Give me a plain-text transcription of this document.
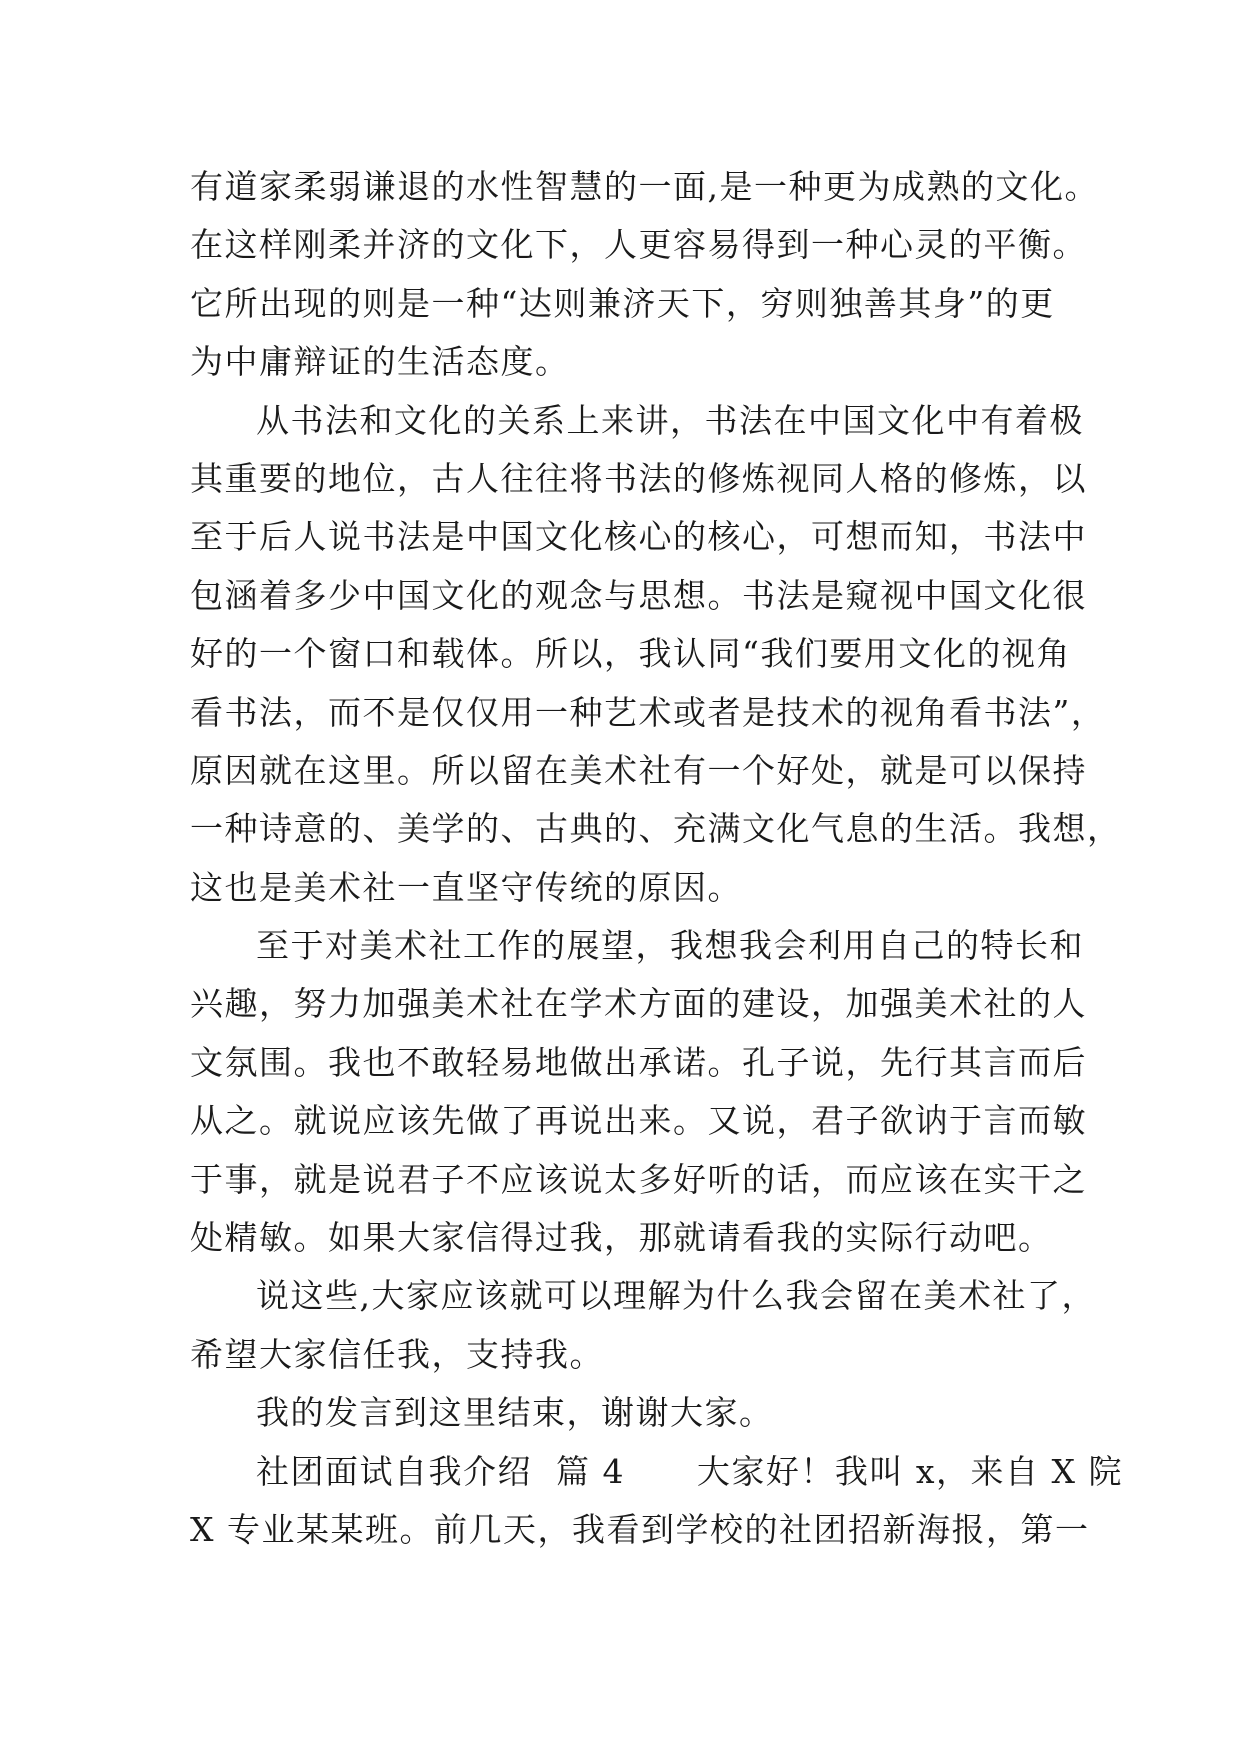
有道家柔弱谦退的水性智慧的一面,是一种更为成熟的文化。
在这样刚柔并济的文化下，人更容易得到一种心灵的平衡。
它所出现的则是一种“达则兼济天下，穷则独善其身”的更
为中庸辩证的生活态度。
从书法和文化的关系上来讲，书法在中国文化中有着极
其重要的地位，古人往往将书法的修炼视同人格的修炼，以
至于后人说书法是中国文化核心的核心，可想而知，书法中
包涵着多少中国文化的观念与思想。书法是窥视中国文化很
好的一个窗口和载体。所以，我认同“我们要用文化的视角
看书法，而不是仅仅用一种艺术或者是技术的视角看书法”，
原因就在这里。所以留在美术社有一个好处，就是可以保持
一种诗意的、美学的、古典的、充满文化气息的生活。我想，
这也是美术社一直坚守传统的原因。
至于对美术社工作的展望，我想我会利用自己的特长和
兴趣，努力加强美术社在学术方面的建设，加强美术社的人
文氛围。我也不敢轻易地做出承诺。孔子说，先行其言而后
从之。就说应该先做了再说出来。又说，君子欲讷于言而敏
于事，就是说君子不应该说太多好听的话，而应该在实干之
处精敏。如果大家信得过我，那就请看我的实际行动吧。
说这些,大家应该就可以理解为什么我会留在美术社了，
希望大家信任我，支持我。
我的发言到这里结束，谢谢大家。
社团面试自我介绍  篇 4      大家好！我叫 x，来自 X 院
X 专业某某班。前几天，我看到学校的社团招新海报，第一
